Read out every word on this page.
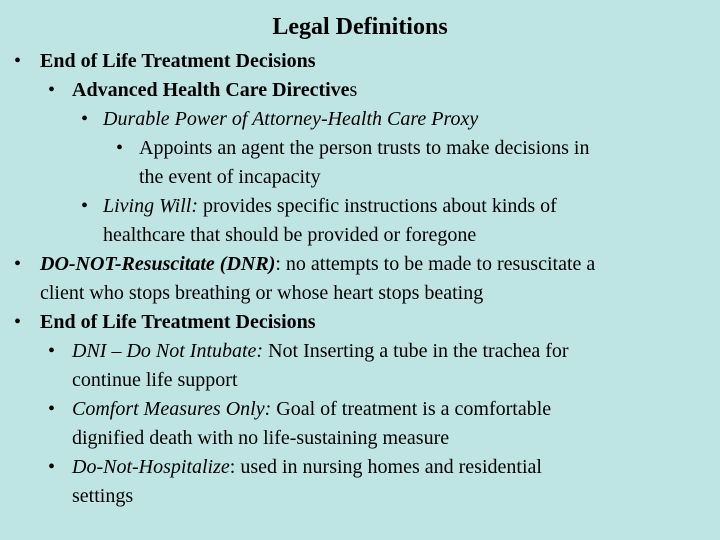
Legal Definitions
• End of Life Treatment Decisions
• Advanced Health Care Directives
• Durable Power of Attorney-Health Care Proxy
• Appoints an agent the person trusts to make decisions in
the event of incapacity
• Living Will: provides specific instructions about kinds of
healthcare that should be provided or foregone
• DO-NOT-Resuscitate (DNR): no attempts to be made to resuscitate a
client who stops breathing or whose heart stops beating
• End of Life Treatment Decisions
• DNI – Do Not Intubate: Not Inserting a tube in the trachea for
continue life support
• Comfort Measures Only: Goal of treatment is a comfortable
dignified death with no life-sustaining measure
• Do-Not-Hospitalize: used in nursing homes and residential
settings
